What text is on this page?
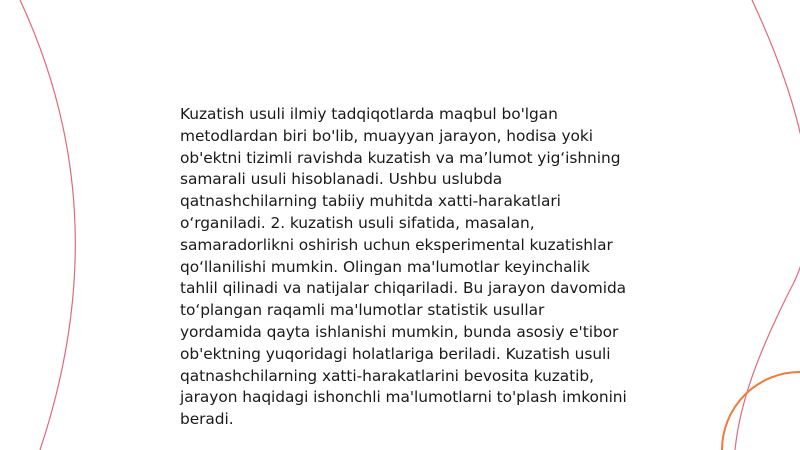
Kuzatish usuli ilmiy tadqiqotlarda maqbul bo'lgan metodlardan biri bo'lib, muayyan jarayon, hodisa yoki ob'ektni tizimli ravishda kuzatish va ma’lumot yig‘ishning samarali usuli hisoblanadi. Ushbu uslubda qatnashchilarning tabiiy muhitda xatti-harakatlari o‘rganiladi. 2. kuzatish usuli sifatida, masalan, samaradorlikni oshirish uchun eksperimental kuzatishlar qo‘llanilishi mumkin. Olingan ma'lumotlar keyinchalik tahlil qilinadi va natijalar chiqariladi. Bu jarayon davomida to‘plangan raqamli ma'lumotlar statistik usullar yordamida qayta ishlanishi mumkin, bunda asosiy e'tibor ob'ektning yuqoridagi holatlariga beriladi. Kuzatish usuli qatnashchilarning xatti-harakatlarini bevosita kuzatib, jarayon haqidagi ishonchli ma'lumotlarni to'plash imkonini beradi.
